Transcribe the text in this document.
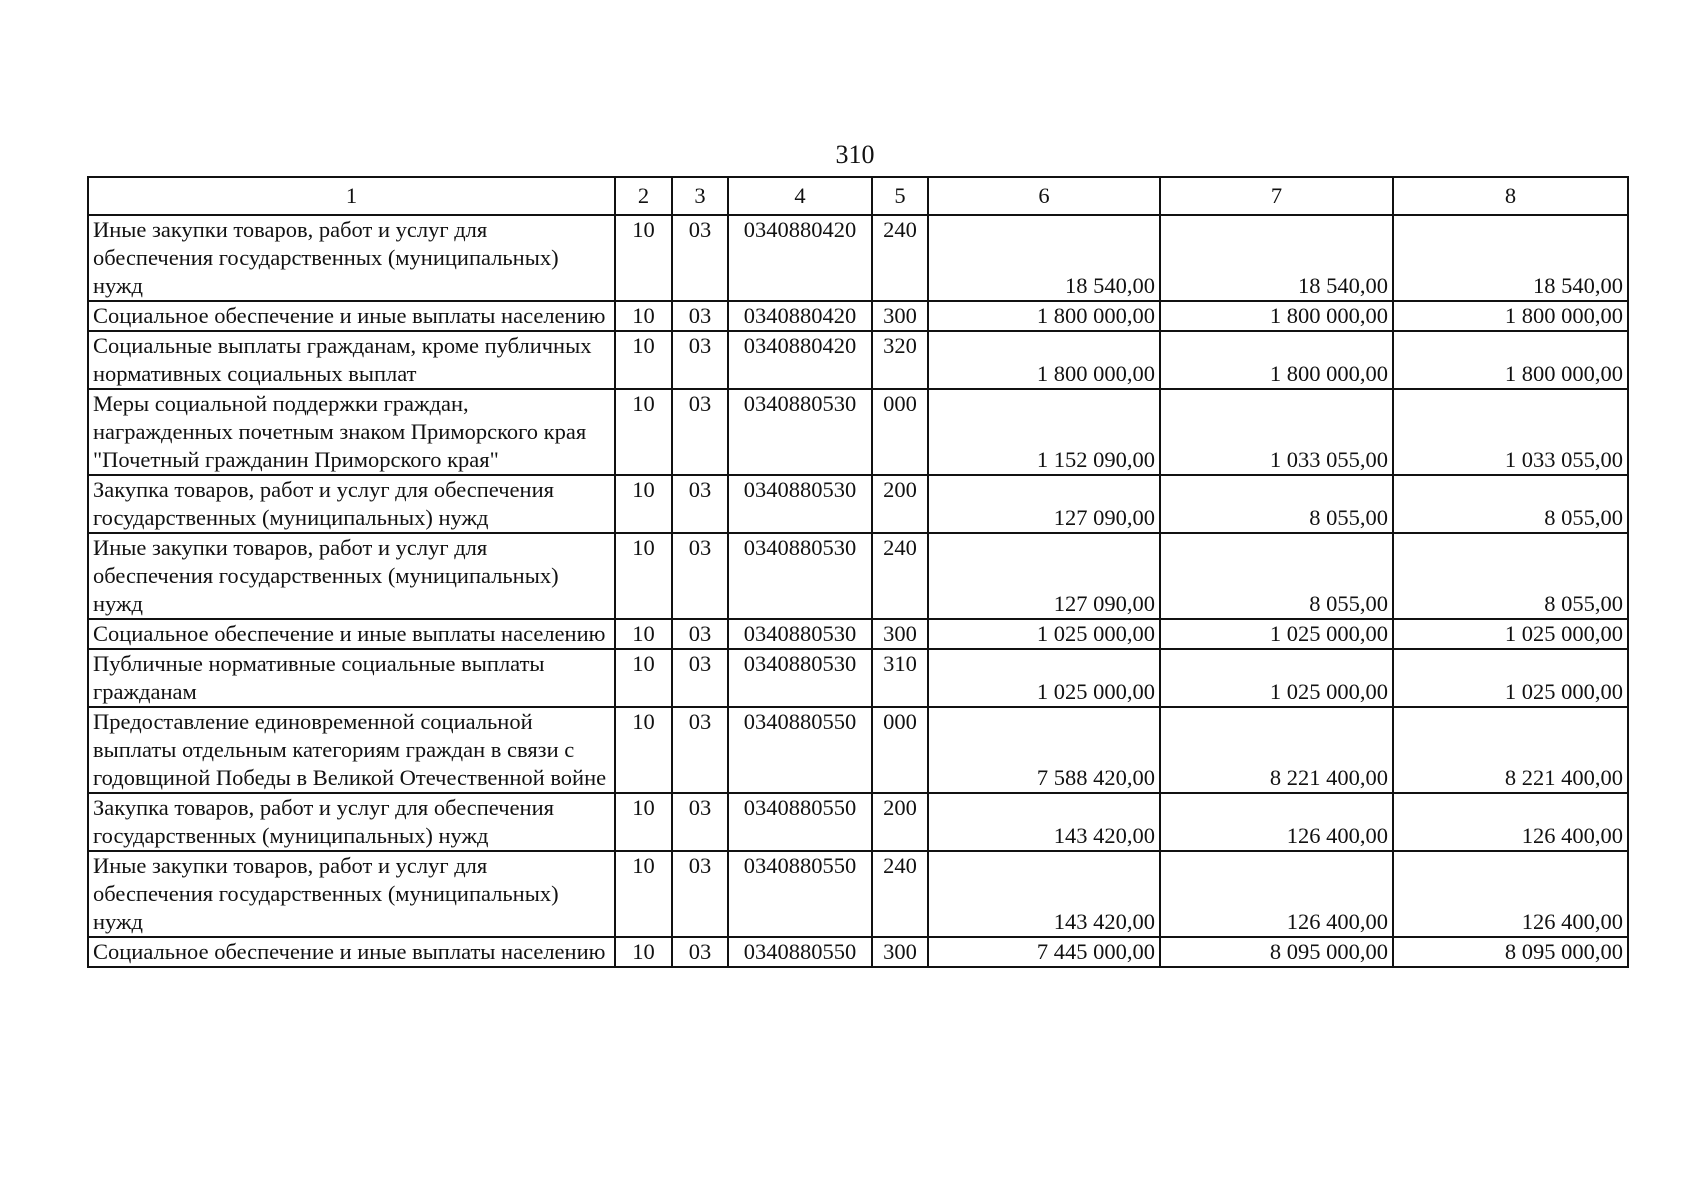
310
1	2	3	4	5	6	7	8
Иные закупки товаров, работ и услуг для обеспечения государственных (муниципальных) нужд	10	03	0340880420	240	18 540,00	18 540,00	18 540,00
Социальное обеспечение и иные выплаты населению	10	03	0340880420	300	1 800 000,00	1 800 000,00	1 800 000,00
Социальные выплаты гражданам, кроме публичных нормативных социальных выплат	10	03	0340880420	320	1 800 000,00	1 800 000,00	1 800 000,00
Меры социальной поддержки граждан, награжденных почетным знаком Приморского края "Почетный гражданин Приморского края"	10	03	0340880530	000	1 152 090,00	1 033 055,00	1 033 055,00
Закупка товаров, работ и услуг для обеспечения государственных (муниципальных) нужд	10	03	0340880530	200	127 090,00	8 055,00	8 055,00
Иные закупки товаров, работ и услуг для обеспечения государственных (муниципальных) нужд	10	03	0340880530	240	127 090,00	8 055,00	8 055,00
Социальное обеспечение и иные выплаты населению	10	03	0340880530	300	1 025 000,00	1 025 000,00	1 025 000,00
Публичные нормативные социальные выплаты гражданам	10	03	0340880530	310	1 025 000,00	1 025 000,00	1 025 000,00
Предоставление единовременной социальной выплаты отдельным категориям граждан в связи с годовщиной Победы в Великой Отечественной войне	10	03	0340880550	000	7 588 420,00	8 221 400,00	8 221 400,00
Закупка товаров, работ и услуг для обеспечения государственных (муниципальных) нужд	10	03	0340880550	200	143 420,00	126 400,00	126 400,00
Иные закупки товаров, работ и услуг для обеспечения государственных (муниципальных) нужд	10	03	0340880550	240	143 420,00	126 400,00	126 400,00
Социальное обеспечение и иные выплаты населению	10	03	0340880550	300	7 445 000,00	8 095 000,00	8 095 000,00
